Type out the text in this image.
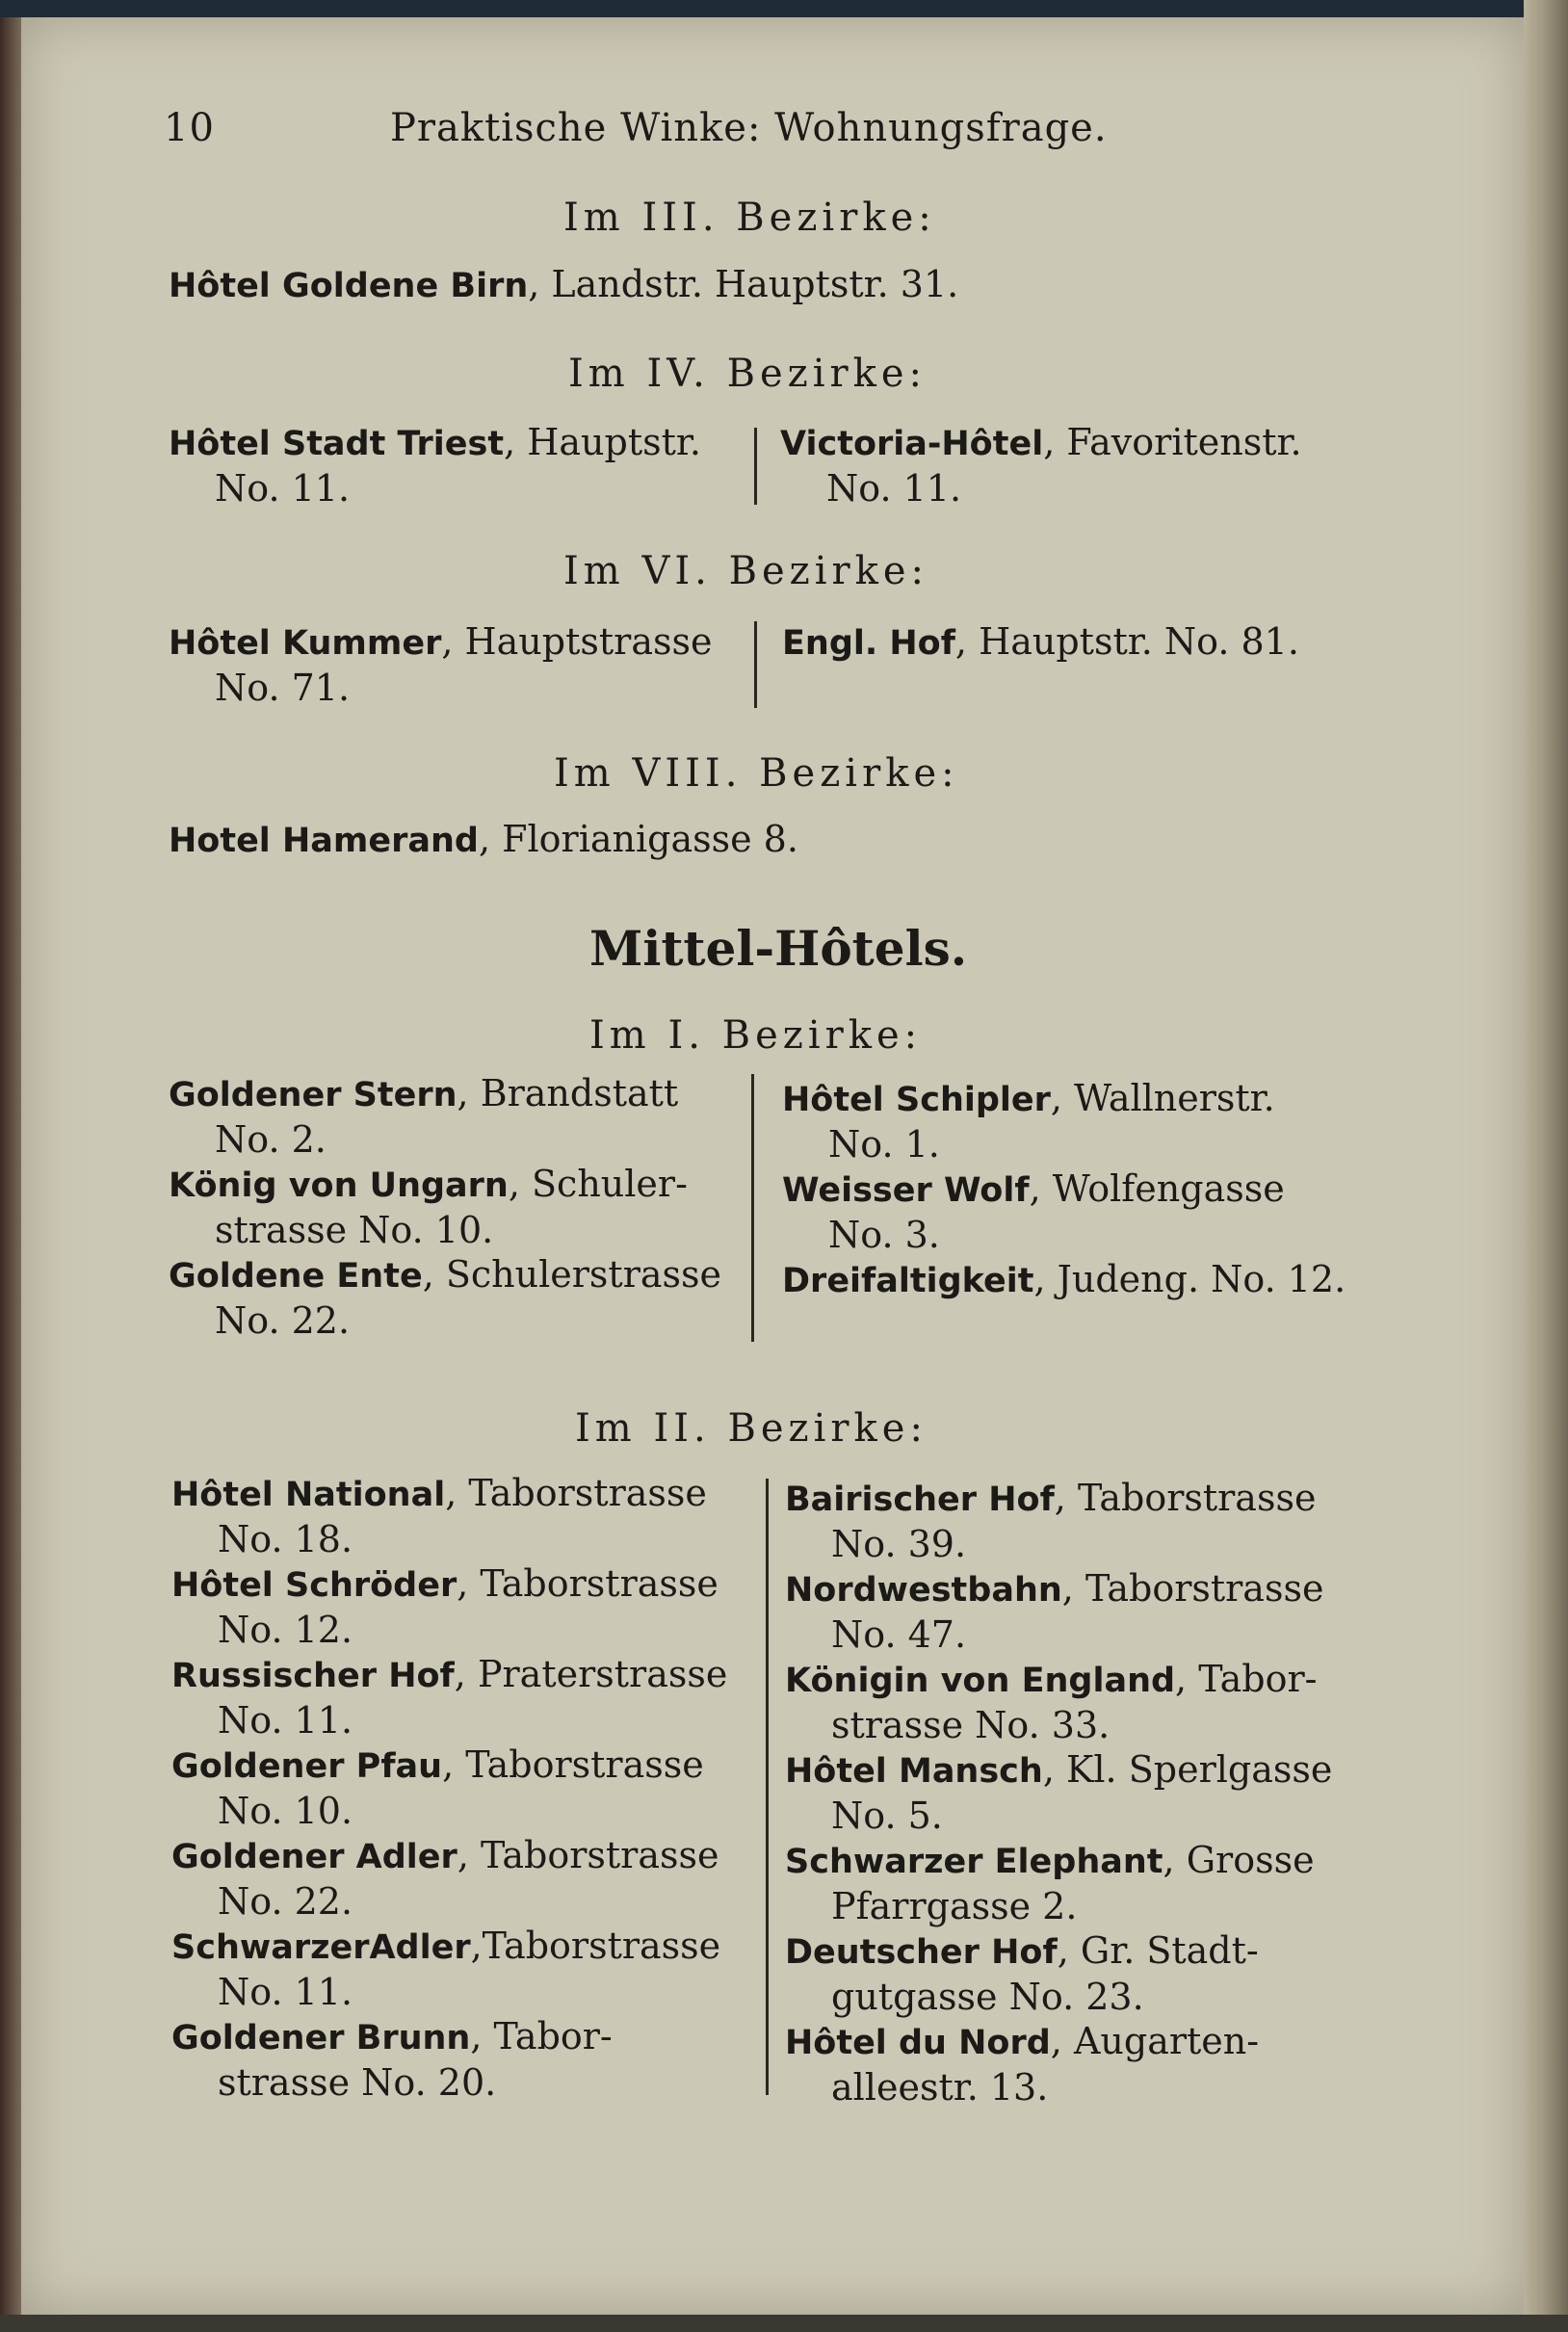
10	Praktische Winke: Wohnungsfrage.
Im III. Bezirke:
Hôtel Goldene Birn, Landstr. Hauptstr. 31.
Im IV. Bezirke:
Hôtel Stadt Triest, Hauptstr.
No. 11.
Victoria-Hôtel, Favoritenstr.
No. 11.
Im VI. Bezirke:
Hôtel Kummer, Hauptstrasse
No. 71.
Engl. Hof, Hauptstr. No. 81.
Im VIII. Bezirke:
Hotel Hamerand, Florianigasse 8.
Mittel-Hôtels.
Im I. Bezirke:
Goldener Stern, Brandstatt
No. 2.
König von Ungarn, Schuler-
strasse No. 10.
Goldene Ente, Schulerstrasse
No. 22.
Hôtel Schipler, Wallnerstr.
No. 1.
Weisser Wolf, Wolfengasse
No. 3.
Dreifaltigkeit, Judeng. No. 12.
Im II. Bezirke:
Hôtel National, Taborstrasse
No. 18.
Hôtel Schröder, Taborstrasse
No. 12.
Russischer Hof, Praterstrasse
No. 11.
Goldener Pfau, Taborstrasse
No. 10.
Goldener Adler, Taborstrasse
No. 22.
SchwarzerAdler,Taborstrasse
No. 11.
Goldener Brunn, Tabor-
strasse No. 20.
Bairischer Hof, Taborstrasse
No. 39.
Nordwestbahn, Taborstrasse
No. 47.
Königin von England, Tabor-
strasse No. 33.
Hôtel Mansch, Kl. Sperlgasse
No. 5.
Schwarzer Elephant, Grosse
Pfarrgasse 2.
Deutscher Hof, Gr. Stadt-
gutgasse No. 23.
Hôtel du Nord, Augarten-
alleestr. 13.
